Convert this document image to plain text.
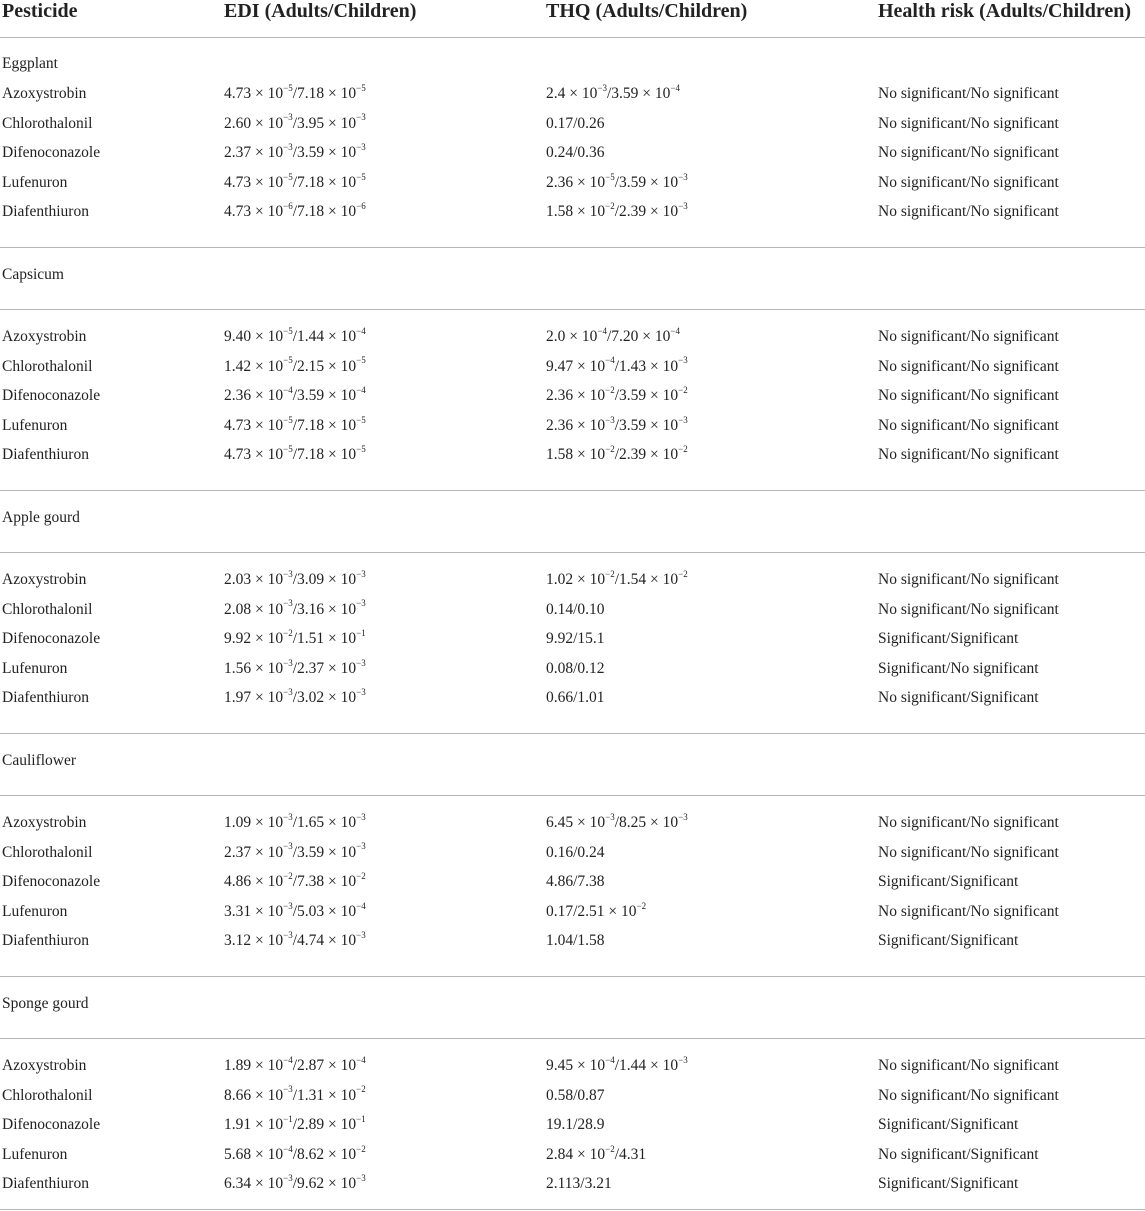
Pesticide	EDI (Adults/Children)	THQ (Adults/Children)	Health risk (Adults/Children)
Eggplant
Azoxystrobin	$4.73 \times 10^{-5}/7.18 \times 10^{-5}$	$2.4 \times 10^{-3}/3.59 \times 10^{-4}$	No significant/No significant
Chlorothalonil	$2.60 \times 10^{-3}/3.95 \times 10^{-3}$	0.17/0.26	No significant/No significant
Difenoconazole	$2.37 \times 10^{-3}/3.59 \times 10^{-3}$	0.24/0.36	No significant/No significant
Lufenuron	$4.73 \times 10^{-5}/7.18 \times 10^{-5}$	$2.36 \times 10^{-5}/3.59 \times 10^{-3}$	No significant/No significant
Diafenthiuron	$4.73 \times 10^{-6}/7.18 \times 10^{-6}$	$1.58 \times 10^{-2}/2.39 \times 10^{-3}$	No significant/No significant
Capsicum
Azoxystrobin	$9.40 \times 10^{-5}/1.44 \times 10^{-4}$	$2.0 \times 10^{-4}/7.20 \times 10^{-4}$	No significant/No significant
Chlorothalonil	$1.42 \times 10^{-5}/2.15 \times 10^{-5}$	$9.47 \times 10^{-4}/1.43 \times 10^{-3}$	No significant/No significant
Difenoconazole	$2.36 \times 10^{-4}/3.59 \times 10^{-4}$	$2.36 \times 10^{-2}/3.59 \times 10^{-2}$	No significant/No significant
Lufenuron	$4.73 \times 10^{-5}/7.18 \times 10^{-5}$	$2.36 \times 10^{-3}/3.59 \times 10^{-3}$	No significant/No significant
Diafenthiuron	$4.73 \times 10^{-5}/7.18 \times 10^{-5}$	$1.58 \times 10^{-2}/2.39 \times 10^{-2}$	No significant/No significant
Apple gourd
Azoxystrobin	$2.03 \times 10^{-3}/3.09 \times 10^{-3}$	$1.02 \times 10^{-2}/1.54 \times 10^{-2}$	No significant/No significant
Chlorothalonil	$2.08 \times 10^{-3}/3.16 \times 10^{-3}$	0.14/0.10	No significant/No significant
Difenoconazole	$9.92 \times 10^{-2}/1.51 \times 10^{-1}$	9.92/15.1	Significant/Significant
Lufenuron	$1.56 \times 10^{-3}/2.37 \times 10^{-3}$	0.08/0.12	Significant/No significant
Diafenthiuron	$1.97 \times 10^{-3}/3.02 \times 10^{-3}$	0.66/1.01	No significant/Significant
Cauliflower
Azoxystrobin	$1.09 \times 10^{-3}/1.65 \times 10^{-3}$	$6.45 \times 10^{-3}/8.25 \times 10^{-3}$	No significant/No significant
Chlorothalonil	$2.37 \times 10^{-3}/3.59 \times 10^{-3}$	0.16/0.24	No significant/No significant
Difenoconazole	$4.86 \times 10^{-2}/7.38 \times 10^{-2}$	4.86/7.38	Significant/Significant
Lufenuron	$3.31 \times 10^{-3}/5.03 \times 10^{-4}$	$0.17/2.51 \times 10^{-2}$	No significant/No significant
Diafenthiuron	$3.12 \times 10^{-3}/4.74 \times 10^{-3}$	1.04/1.58	Significant/Significant
Sponge gourd
Azoxystrobin	$1.89 \times 10^{-4}/2.87 \times 10^{-4}$	$9.45 \times 10^{-4}/1.44 \times 10^{-3}$	No significant/No significant
Chlorothalonil	$8.66 \times 10^{-3}/1.31 \times 10^{-2}$	0.58/0.87	No significant/No significant
Difenoconazole	$1.91 \times 10^{-1}/2.89 \times 10^{-1}$	19.1/28.9	Significant/Significant
Lufenuron	$5.68 \times 10^{-4}/8.62 \times 10^{-2}$	$2.84 \times 10^{-2}/4.31$	No significant/Significant
Diafenthiuron	$6.34 \times 10^{-3}/9.62 \times 10^{-3}$	2.113/3.21	Significant/Significant
